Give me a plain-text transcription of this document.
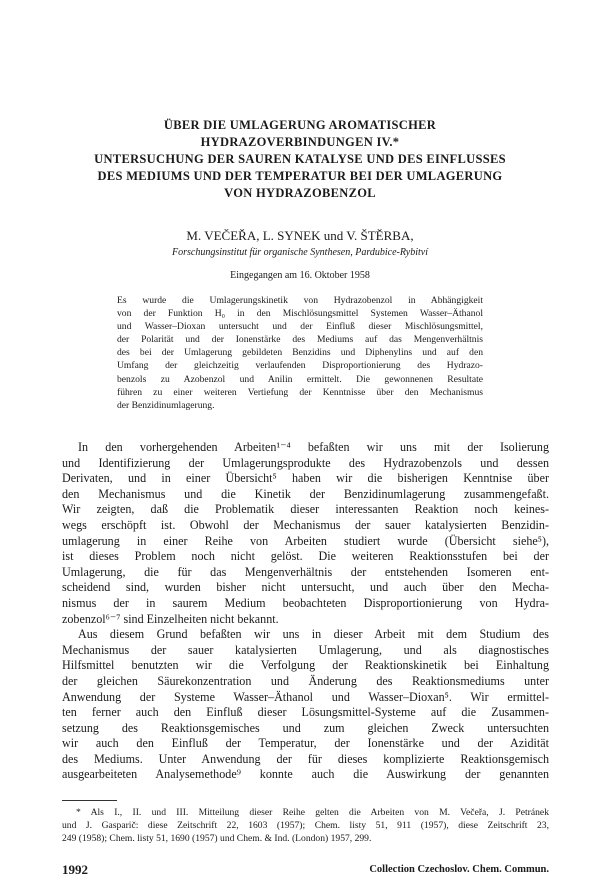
ÜBER DIE UMLAGERUNG AROMATISCHER
HYDRAZOVERBINDUNGEN IV.*
UNTERSUCHUNG DER SAUREN KATALYSE UND DES EINFLUSSES
DES MEDIUMS UND DER TEMPERATUR BEI DER UMLAGERUNG
VON HYDRAZOBENZOL
M. VEČEŘA, L. SYNEK und V. ŠTĚRBA,
Forschungsinstitut für organische Synthesen, Pardubice-Rybitví
Eingegangen am 16. Oktober 1958
Es wurde die Umlagerungskinetik von Hydrazobenzol in Abhängigkeit
von der Funktion H₀ in den Mischlösungsmittel Systemen Wasser–Äthanol
und Wasser–Dioxan untersucht und der Einfluß dieser Mischlösungsmittel,
der Polarität und der Ionenstärke des Mediums auf das Mengenverhältnis
des bei der Umlagerung gebildeten Benzidins und Diphenylins und auf den
Umfang der gleichzeitig verlaufenden Disproportionierung des Hydrazo-
benzols zu Azobenzol und Anilin ermittelt. Die gewonnenen Resultate
führen zu einer weiteren Vertiefung der Kenntnisse über den Mechanismus
der Benzidinumlagerung.
In den vorhergehenden Arbeiten¹⁻⁴ befaßten wir uns mit der Isolierung
und Identifizierung der Umlagerungsprodukte des Hydrazobenzols und dessen
Derivaten, und in einer Übersicht⁵ haben wir die bisherigen Kenntnise über
den Mechanismus und die Kinetik der Benzidinumlagerung zusammengefaßt.
Wir zeigten, daß die Problematik dieser interessanten Reaktion noch keines-
wegs erschöpft ist. Obwohl der Mechanismus der sauer katalysierten Benzidin-
umlagerung in einer Reihe von Arbeiten studiert wurde (Übersicht siehe⁵),
ist dieses Problem noch nicht gelöst. Die weiteren Reaktionsstufen bei der
Umlagerung, die für das Mengenverhältnis der entstehenden Isomeren ent-
scheidend sind, wurden bisher nicht untersucht, und auch über den Mecha-
nismus der in saurem Medium beobachteten Disproportionierung von Hydra-
zobenzol⁶⁻⁷ sind Einzelheiten nicht bekannt.
Aus diesem Grund befaßten wir uns in dieser Arbeit mit dem Studium des
Mechanismus der sauer katalysierten Umlagerung, und als diagnostisches
Hilfsmittel benutzten wir die Verfolgung der Reaktionskinetik bei Einhaltung
der gleichen Säurekonzentration und Änderung des Reaktionsmediums unter
Anwendung der Systeme Wasser–Äthanol und Wasser–Dioxan⁵. Wir ermittel-
ten ferner auch den Einfluß dieser Lösungsmittel-Systeme auf die Zusammen-
setzung des Reaktionsgemisches und zum gleichen Zweck untersuchten
wir auch den Einfluß der Temperatur, der Ionenstärke und der Azidität
des Mediums. Unter Anwendung der für dieses komplizierte Reaktionsgemisch
ausgearbeiteten Analysemethode⁹ konnte auch die Auswirkung der genannten
* Als I., II. und III. Mitteilung dieser Reihe gelten die Arbeiten von M. Večeřa, J. Petránek
und J. Gasparič: diese Zeitschrift 22, 1603 (1957); Chem. listy 51, 911 (1957), diese Zeitschrift 23,
249 (1958); Chem. listy 51, 1690 (1957) und Chem. & Ind. (London) 1957, 299.
1992	Collection Czechoslov. Chem. Commun.
